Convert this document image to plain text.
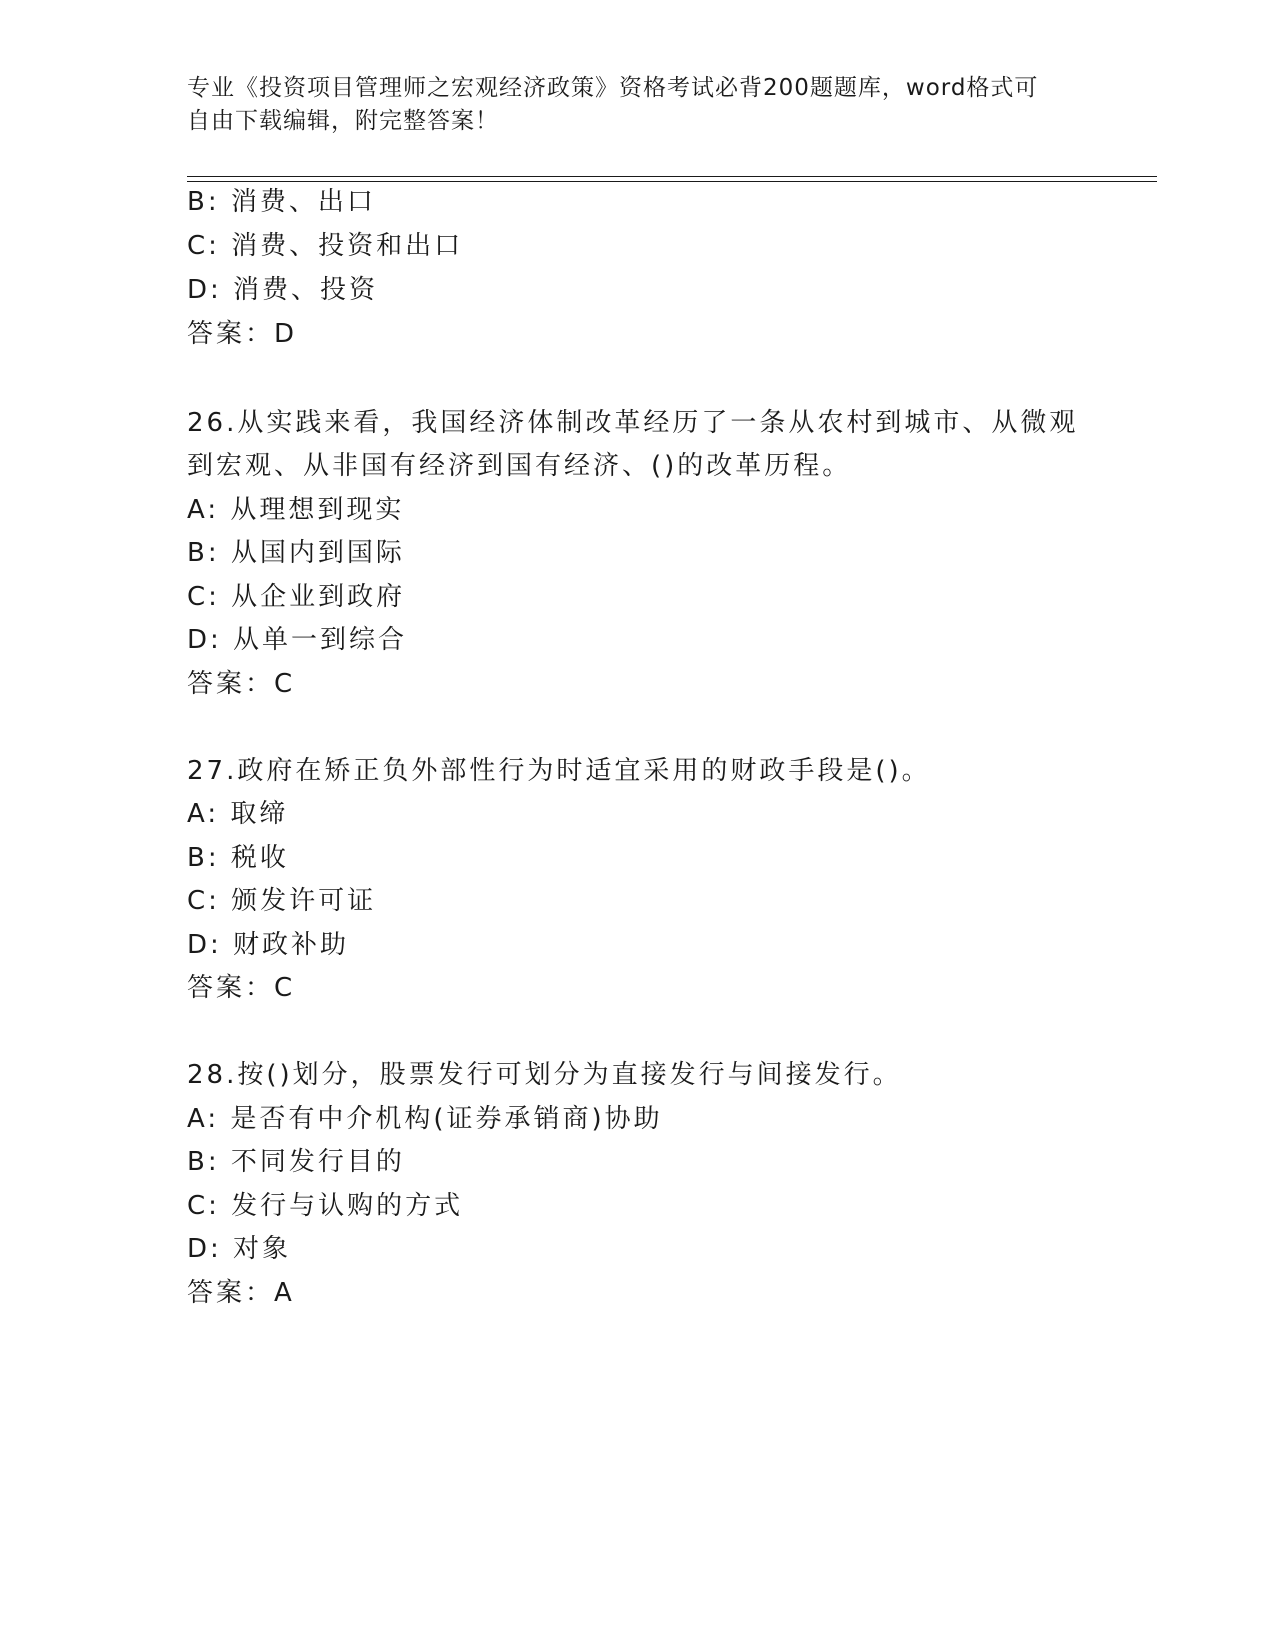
专业《投资项目管理师之宏观经济政策》资格考试必背200题题库，word格式可
自由下载编辑，附完整答案！
B: 消费、出口
C: 消费、投资和出口
D: 消费、投资
答案：D
26.从实践来看，我国经济体制改革经历了一条从农村到城市、从微观
到宏观、从非国有经济到国有经济、()的改革历程。
A: 从理想到现实
B: 从国内到国际
C: 从企业到政府
D: 从单一到综合
答案：C
27.政府在矫正负外部性行为时适宜采用的财政手段是()。
A: 取缔
B: 税收
C: 颁发许可证
D: 财政补助
答案：C
28.按()划分，股票发行可划分为直接发行与间接发行。
A: 是否有中介机构(证券承销商)协助
B: 不同发行目的
C: 发行与认购的方式
D: 对象
答案：A
